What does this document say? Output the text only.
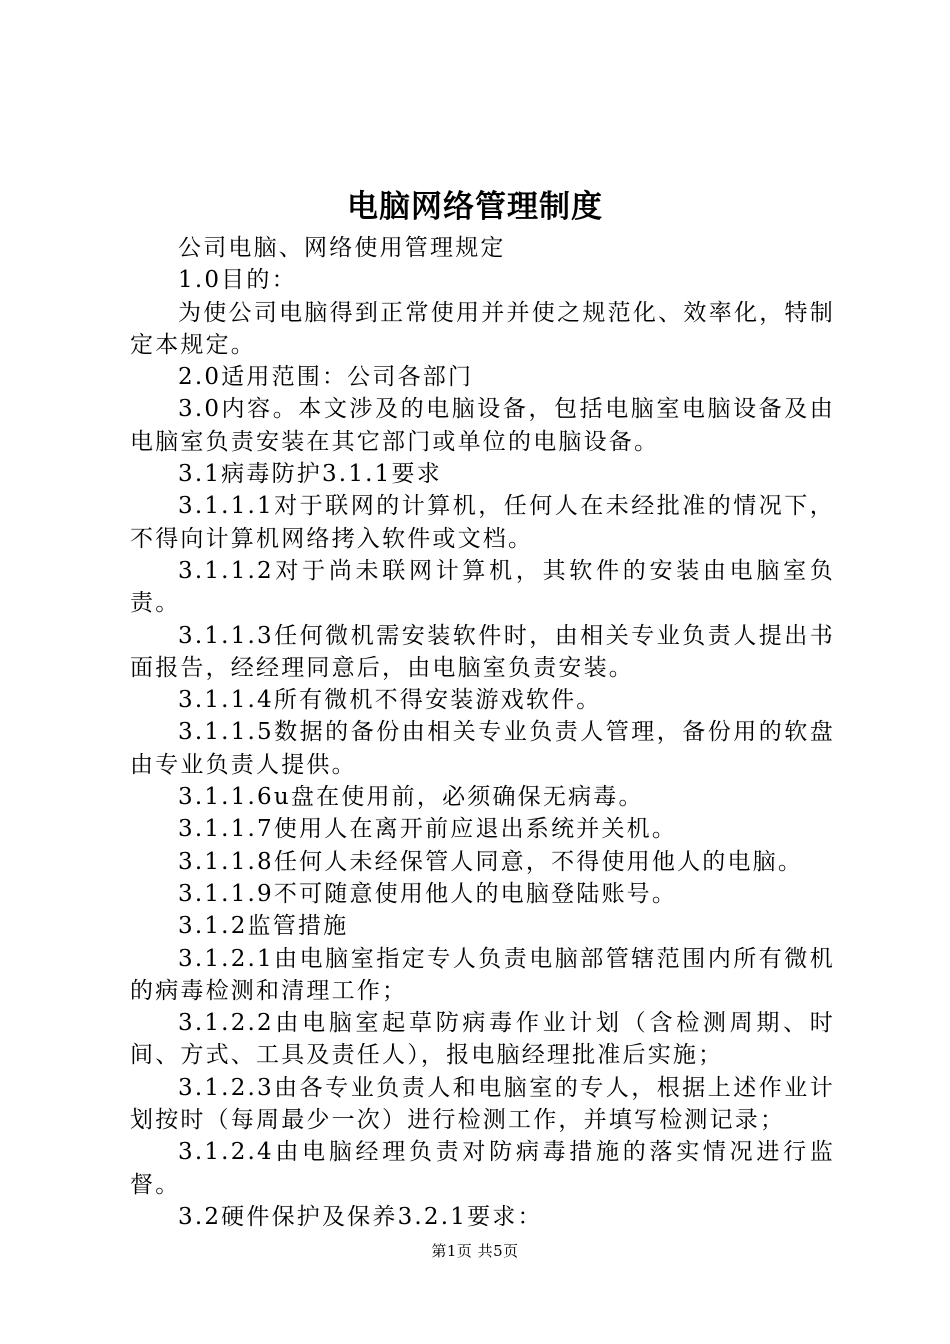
电脑网络管理制度

公司电脑、网络使用管理规定

1.0目的：

为使公司电脑得到正常使用并并使之规范化、效率化，特制定本规定。

2.0适用范围：公司各部门

3.0内容。本文涉及的电脑设备，包括电脑室电脑设备及由电脑室负责安装在其它部门或单位的电脑设备。

3.1病毒防护3.1.1要求

3.1.1.1对于联网的计算机，任何人在未经批准的情况下，不得向计算机网络拷入软件或文档。

3.1.1.2对于尚未联网计算机，其软件的安装由电脑室负责。

3.1.1.3任何微机需安装软件时，由相关专业负责人提出书面报告，经经理同意后，由电脑室负责安装。

3.1.1.4所有微机不得安装游戏软件。

3.1.1.5数据的备份由相关专业负责人管理，备份用的软盘由专业负责人提供。

3.1.1.6u盘在使用前，必须确保无病毒。

3.1.1.7使用人在离开前应退出系统并关机。

3.1.1.8任何人未经保管人同意，不得使用他人的电脑。

3.1.1.9不可随意使用他人的电脑登陆账号。

3.1.2监管措施

3.1.2.1由电脑室指定专人负责电脑部管辖范围内所有微机的病毒检测和清理工作；

3.1.2.2由电脑室起草防病毒作业计划（含检测周期、时间、方式、工具及责任人），报电脑经理批准后实施；

3.1.2.3由各专业负责人和电脑室的专人，根据上述作业计划按时（每周最少一次）进行检测工作，并填写检测记录；

3.1.2.4由电脑经理负责对防病毒措施的落实情况进行监督。

3.2硬件保护及保养3.2.1要求：

第1页 共5页
